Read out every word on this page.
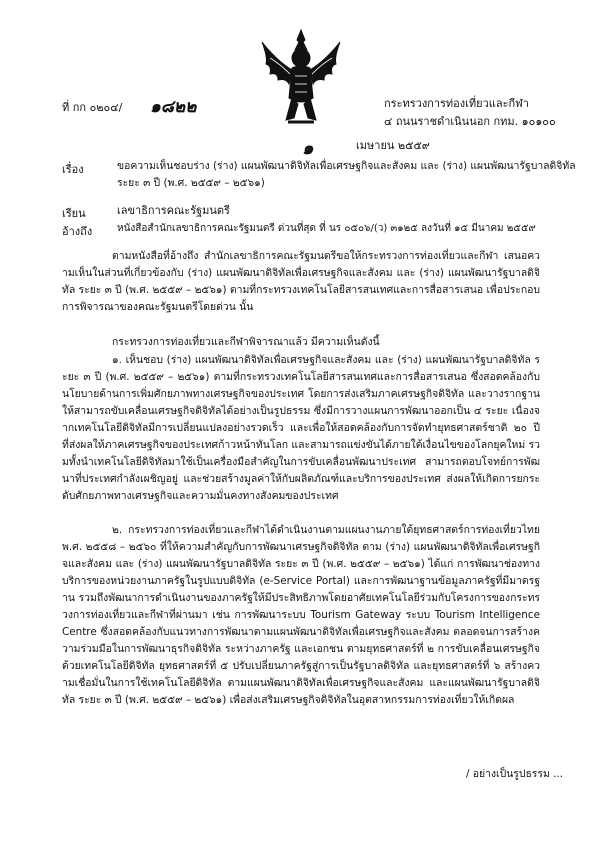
ที่ กก ๐๒๐๔/ ๑๘๒๒	กระทรวงการท่องเที่ยวและกีฬา
๔ ถนนราชดำเนินนอก กทม. ๑๐๑๐๐
๑	เมษายน ๒๕๕๙
เรื่อง	ขอความเห็นชอบร่าง (ร่าง) แผนพัฒนาดิจิทัลเพื่อเศรษฐกิจและสังคม และ (ร่าง) แผนพัฒนารัฐบาลดิจิทัล
ระยะ ๓ ปี (พ.ศ. ๒๕๕๙ – ๒๕๖๑)
เรียน	เลขาธิการคณะรัฐมนตรี
อ้างถึง หนังสือสำนักเลขาธิการคณะรัฐมนตรี ด่วนที่สุด ที่ นร ๐๕๐๖/(ว) ๓๑๒๕ ลงวันที่ ๑๕ มีนาคม ๒๕๕๙
ตามหนังสือที่อ้างถึง สำนักเลขาธิการคณะรัฐมนตรีขอให้กระทรวงการท่องเที่ยวและกีฬา เสนอความเห็นในส่วนที่เกี่ยวข้องกับ (ร่าง) แผนพัฒนาดิจิทัลเพื่อเศรษฐกิจและสังคม และ (ร่าง) แผนพัฒนารัฐบาลดิจิทัล ระยะ ๓ ปี (พ.ศ. ๒๕๕๙ – ๒๕๖๑) ตามที่กระทรวงเทคโนโลยีสารสนเทศและการสื่อสารเสนอ เพื่อประกอบการพิจารณาของคณะรัฐมนตรีโดยด่วน นั้น
กระทรวงการท่องเที่ยวและกีฬาพิจารณาแล้ว มีความเห็นดังนี้
๑. เห็นชอบ (ร่าง) แผนพัฒนาดิจิทัลเพื่อเศรษฐกิจและสังคม และ (ร่าง) แผนพัฒนารัฐบาลดิจิทัล ระยะ ๓ ปี (พ.ศ. ๒๕๕๙ – ๒๕๖๑) ตามที่กระทรวงเทคโนโลยีสารสนเทศและการสื่อสารเสนอ ซึ่งสอดคล้องกับนโยบายด้านการเพิ่มศักยภาพทางเศรษฐกิจของประเทศ โดยการส่งเสริมภาคเศรษฐกิจดิจิทัล และวางรากฐานให้สามารถขับเคลื่อนเศรษฐกิจดิจิทัลได้อย่างเป็นรูปธรรม ซึ่งมีการวางแผนการพัฒนาออกเป็น ๔ ระยะ เนื่องจากเทคโนโลยีดิจิทัลมีการเปลี่ยนแปลงอย่างรวดเร็ว และเพื่อให้สอดคล้องกับการจัดทำยุทธศาสตร์ชาติ ๒๐ ปี ที่ส่งผลให้ภาคเศรษฐกิจของประเทศก้าวหน้าทันโลก และสามารถแข่งขันได้ภายใต้เงื่อนไขของโลกยุคใหม่ รวมทั้งนำเทคโนโลยีดิจิทัลมาใช้เป็นเครื่องมือสำคัญในการขับเคลื่อนพัฒนาประเทศ สามารถตอบโจทย์การพัฒนาที่ประเทศกำลังเผชิญอยู่ และช่วยสร้างมูลค่าให้กับผลิตภัณฑ์และบริการของประเทศ ส่งผลให้เกิดการยกระดับศักยภาพทางเศรษฐกิจและความมั่นคงทางสังคมของประเทศ
๒. กระทรวงการท่องเที่ยวและกีฬาได้ดำเนินงานตามแผนงานภายใต้ยุทธศาสตร์การท่องเที่ยวไทย พ.ศ. ๒๕๕๘ – ๒๕๖๐ ที่ให้ความสำคัญกับการพัฒนาเศรษฐกิจดิจิทัล ตาม (ร่าง) แผนพัฒนาดิจิทัลเพื่อเศรษฐกิจและสังคม และ (ร่าง) แผนพัฒนารัฐบาลดิจิทัล ระยะ ๓ ปี (พ.ศ. ๒๕๕๙ – ๒๕๖๑) ได้แก่ การพัฒนาช่องทางบริการของหน่วยงานภาครัฐในรูปแบบดิจิทัล (e-Service Portal) และการพัฒนาฐานข้อมูลภาครัฐที่มีมาตรฐาน รวมถึงพัฒนาการดำเนินงานของภาครัฐให้มีประสิทธิภาพโดยอาศัยเทคโนโลยีร่วมกับโครงการของกระทรวงการท่องเที่ยวและกีฬาที่ผ่านมา เช่น การพัฒนาระบบ Tourism Gateway ระบบ Tourism Intelligence Centre ซึ่งสอดคล้องกับแนวทางการพัฒนาตามแผนพัฒนาดิจิทัลเพื่อเศรษฐกิจและสังคม ตลอดจนการสร้างความร่วมมือในการพัฒนาธุรกิจดิจิทัล ระหว่างภาครัฐ และเอกชน ตามยุทธศาสตร์ที่ ๒ การขับเคลื่อนเศรษฐกิจด้วยเทคโนโลยีดิจิทัล ยุทธศาสตร์ที่ ๕ ปรับเปลี่ยนภาครัฐสู่การเป็นรัฐบาลดิจิทัล และยุทธศาสตร์ที่ ๖ สร้างความเชื่อมั่นในการใช้เทคโนโลยีดิจิทัล ตามแผนพัฒนาดิจิทัลเพื่อเศรษฐกิจและสังคม และแผนพัฒนารัฐบาลดิจิทัล ระยะ ๓ ปี (พ.ศ. ๒๕๕๙ – ๒๕๖๑) เพื่อส่งเสริมเศรษฐกิจดิจิทัลในอุตสาหกรรมการท่องเที่ยวให้เกิดผล
/ อย่างเป็นรูปธรรม ...
